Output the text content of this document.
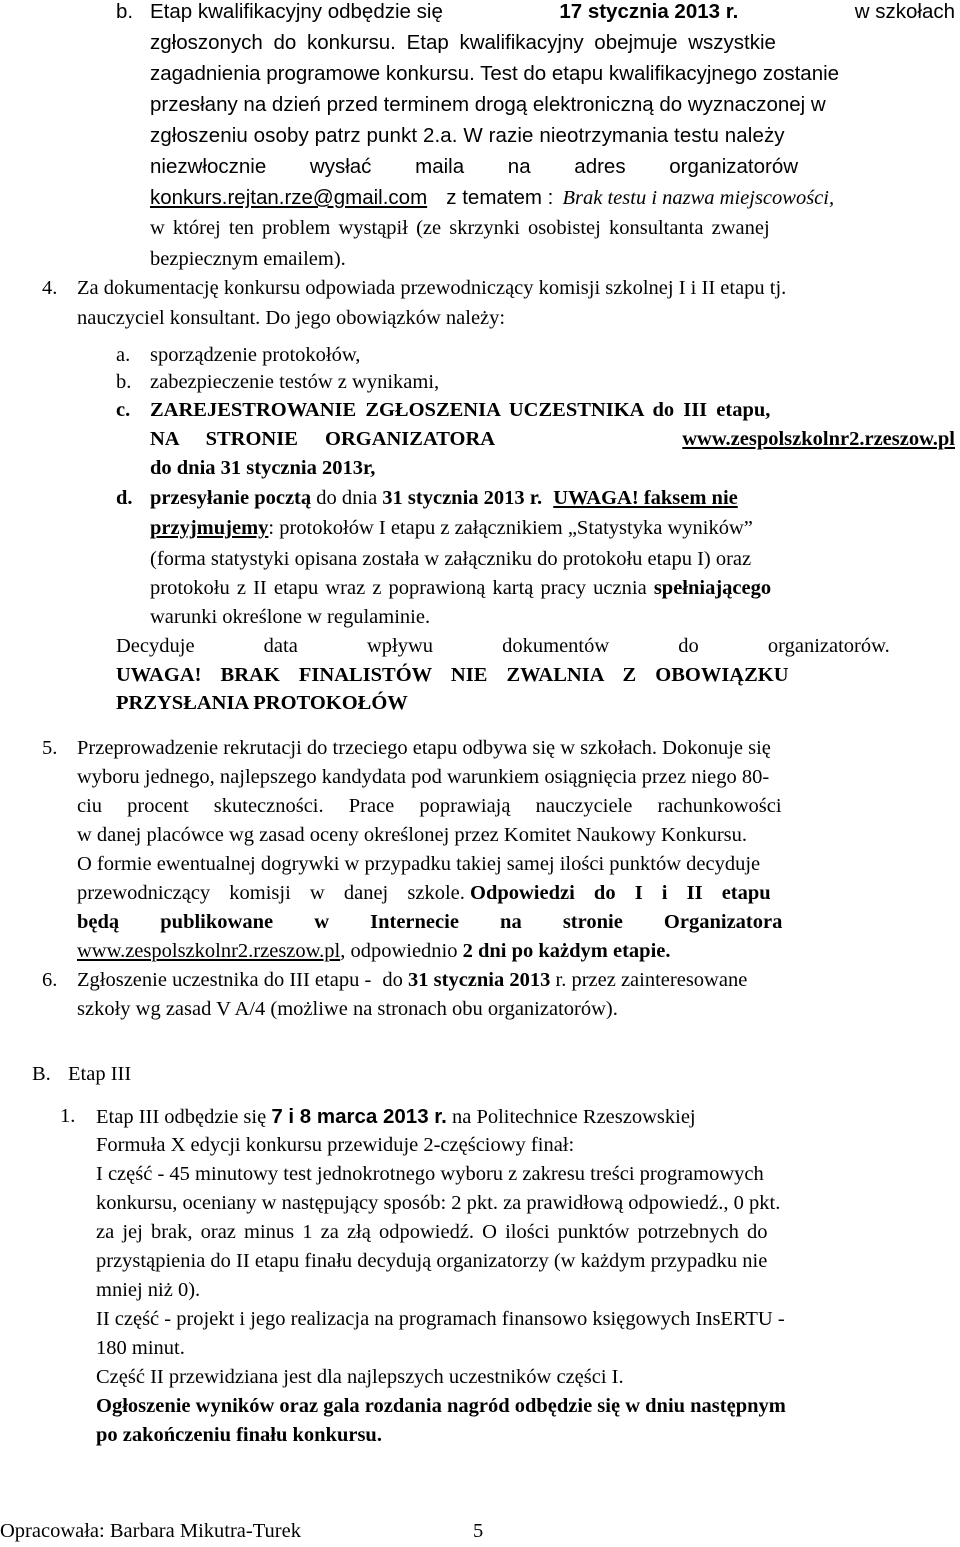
b. Etap kwalifikacyjny odbędzie się	17 stycznia 2013 r.	w szkołach
zgłoszonych do konkursu. Etap kwalifikacyjny obejmuje wszystkie
zagadnienia programowe konkursu. Test do etapu kwalifikacyjnego zostanie
przesłany na dzień przed terminem drogą elektroniczną do wyznaczonej w
zgłoszeniu osoby patrz punkt 2.a. W razie nieotrzymania testu należy
niezwłocznie wysłać maila na adres organizatorów
konkurs.rejtan.rze@gmail.com z tematem : Brak testu i nazwa miejscowości,
w której ten problem wystąpił (ze skrzynki osobistej konsultanta zwanej
bezpiecznym emailem).
4. Za dokumentację konkursu odpowiada przewodniczący komisji szkolnej I i II etapu tj.
nauczyciel konsultant. Do jego obowiązków należy:
a. sporządzenie protokołów,
b. zabezpieczenie testów z wynikami,
c. ZAREJESTROWANIE ZGŁOSZENIA UCZESTNIKA do III etapu,
NA STRONIE ORGANIZATORA	www.zespolszkolnr2.rzeszow.pl
do dnia 31 stycznia 2013r,
d. przesyłanie pocztą do dnia 31 stycznia 2013 r. UWAGA! faksem nie
przyjmujemy: protokołów I etapu z załącznikiem „Statystyka wyników”
(forma statystyki opisana została w załączniku do protokołu etapu I) oraz
protokołu z II etapu wraz z poprawioną kartą pracy ucznia spełniającego
warunki określone w regulaminie.
Decyduje data wpływu dokumentów do organizatorów.
UWAGA! BRAK FINALISTÓW NIE ZWALNIA Z OBOWIĄZKU
PRZYSŁANIA PROTOKOŁÓW
5. Przeprowadzenie rekrutacji do trzeciego etapu odbywa się w szkołach. Dokonuje się
wyboru jednego, najlepszego kandydata pod warunkiem osiągnięcia przez niego 80-
ciu procent skuteczności. Prace poprawiają nauczyciele rachunkowości
w danej placówce wg zasad oceny określonej przez Komitet Naukowy Konkursu.
O formie ewentualnej dogrywki w przypadku takiej samej ilości punktów decyduje
przewodniczący komisji w danej szkole. Odpowiedzi do I i II etapu
będą publikowane w Internecie na stronie Organizatora
www.zespolszkolnr2.rzeszow.pl, odpowiednio 2 dni po każdym etapie.
6. Zgłoszenie uczestnika do III etapu - do 31 stycznia 2013 r. przez zainteresowane
szkoły wg zasad V A/4 (możliwe na stronach obu organizatorów).
B. Etap III
1. Etap III odbędzie się 7 i 8 marca 2013 r. na Politechnice Rzeszowskiej
Formuła X edycji konkursu przewiduje 2-częściowy finał:
I część - 45 minutowy test jednokrotnego wyboru z zakresu treści programowych
konkursu, oceniany w następujący sposób: 2 pkt. za prawidłową odpowiedź., 0 pkt.
za jej brak, oraz minus 1 za złą odpowiedź. O ilości punktów potrzebnych do
przystąpienia do II etapu finału decydują organizatorzy (w każdym przypadku nie
mniej niż 0).
II część - projekt i jego realizacja na programach finansowo księgowych InsERTU -
180 minut.
Część II przewidziana jest dla najlepszych uczestników części I.
Ogłoszenie wyników oraz gala rozdania nagród odbędzie się w dniu następnym
po zakończeniu finału konkursu.
Opracowała: Barbara Mikutra-Turek	5
